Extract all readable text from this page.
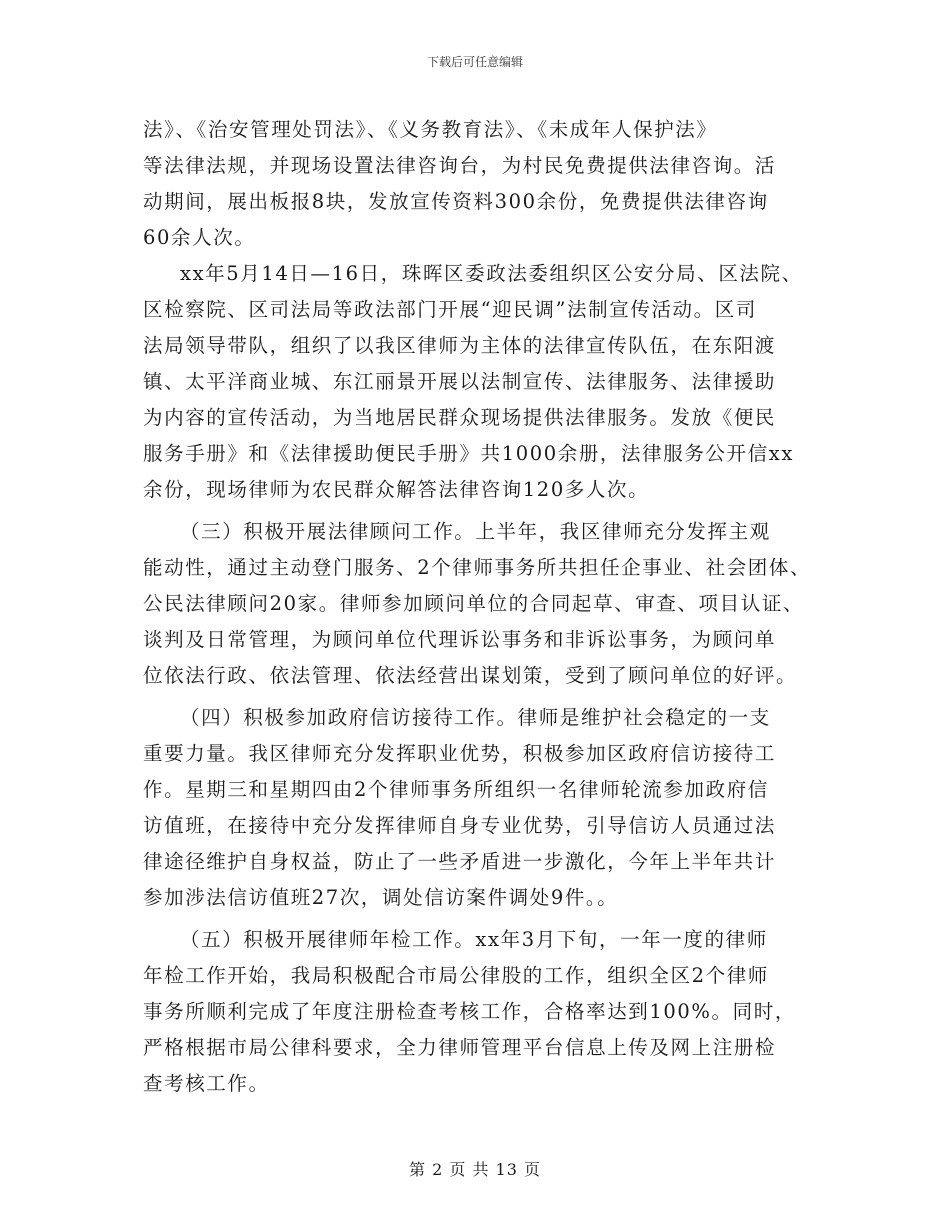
下载后可任意编辑
法》、《治安管理处罚法》、《义务教育法》、《未成年人保护法》
等法律法规，并现场设置法律咨询台，为村民免费提供法律咨询。活
动期间，展出板报8块，发放宣传资料300余份，免费提供法律咨询
60余人次。
xx年5月14日—16日，珠晖区委政法委组织区公安分局、区法院、
区检察院、区司法局等政法部门开展“迎民调”法制宣传活动。区司
法局领导带队，组织了以我区律师为主体的法律宣传队伍，在东阳渡
镇、太平洋商业城、东江丽景开展以法制宣传、法律服务、法律援助
为内容的宣传活动，为当地居民群众现场提供法律服务。发放《便民
服务手册》和《法律援助便民手册》共1000余册，法律服务公开信xx
余份，现场律师为农民群众解答法律咨询120多人次。
（三）积极开展法律顾问工作。上半年，我区律师充分发挥主观
能动性，通过主动登门服务、2个律师事务所共担任企事业、社会团体、
公民法律顾问20家。律师参加顾问单位的合同起草、审查、项目认证、
谈判及日常管理，为顾问单位代理诉讼事务和非诉讼事务，为顾问单
位依法行政、依法管理、依法经营出谋划策，受到了顾问单位的好评。
（四）积极参加政府信访接待工作。律师是维护社会稳定的一支
重要力量。我区律师充分发挥职业优势，积极参加区政府信访接待工
作。星期三和星期四由2个律师事务所组织一名律师轮流参加政府信
访值班，在接待中充分发挥律师自身专业优势，引导信访人员通过法
律途径维护自身权益，防止了一些矛盾进一步激化，今年上半年共计
参加涉法信访值班27次，调处信访案件调处9件。。
（五）积极开展律师年检工作。xx年3月下旬，一年一度的律师
年检工作开始，我局积极配合市局公律股的工作，组织全区2个律师
事务所顺利完成了年度注册检查考核工作，合格率达到100%。同时，
严格根据市局公律科要求，全力律师管理平台信息上传及网上注册检
查考核工作。
第 2 页 共 13 页
